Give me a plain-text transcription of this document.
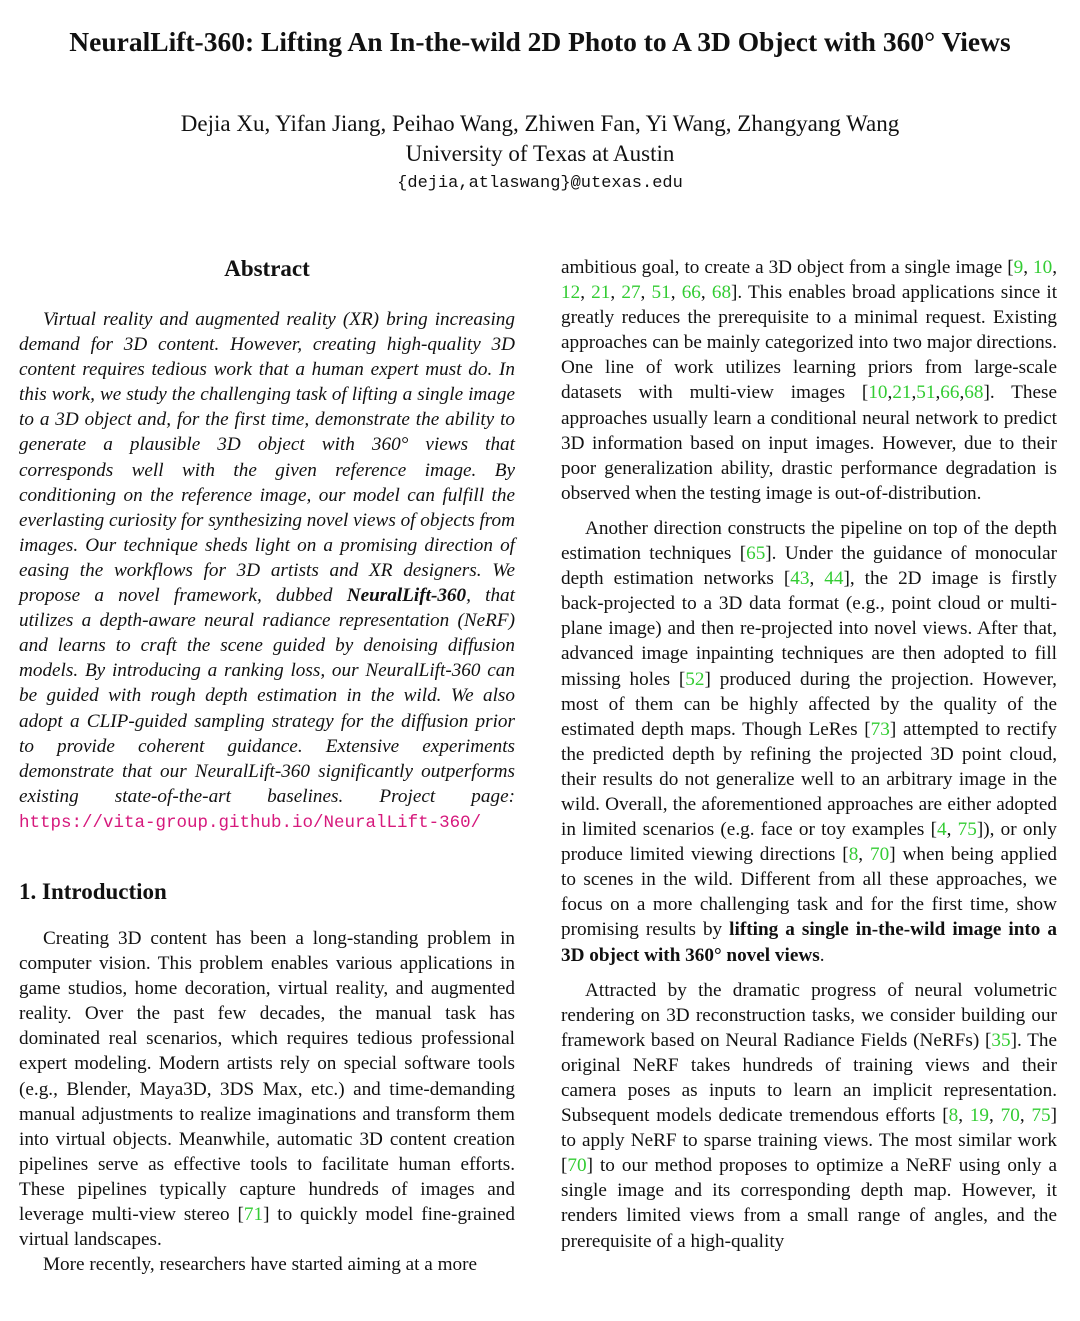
NeuralLift-360: Lifting An In-the-wild 2D Photo to A 3D Object with 360° Views
Dejia Xu, Yifan Jiang, Peihao Wang, Zhiwen Fan, Yi Wang, Zhangyang Wang
University of Texas at Austin
{dejia,atlaswang}@utexas.edu
Abstract

Virtual reality and augmented reality (XR) bring increasing demand for 3D content. However, creating high-quality 3D content requires tedious work that a human expert must do. In this work, we study the challenging task of lifting a single image to a 3D object and, for the first time, demonstrate the ability to generate a plausible 3D object with 360° views that corresponds well with the given reference image. By conditioning on the reference image, our model can fulfill the everlasting curiosity for synthesizing novel views of objects from images. Our technique sheds light on a promising direction of easing the workflows for 3D artists and XR designers. We propose a novel framework, dubbed NeuralLift-360, that utilizes a depth-aware neural radiance representation (NeRF) and learns to craft the scene guided by denoising diffusion models. By introducing a ranking loss, our NeuralLift-360 can be guided with rough depth estimation in the wild. We also adopt a CLIP-guided sampling strategy for the diffusion prior to provide coherent guidance. Extensive experiments demonstrate that our NeuralLift-360 significantly outperforms existing state-of-the-art baselines. Project page: https://vita-group.github.io/NeuralLift-360/

1. Introduction

Creating 3D content has been a long-standing problem in computer vision. This problem enables various applications in game studios, home decoration, virtual reality, and augmented reality. Over the past few decades, the manual task has dominated real scenarios, which requires tedious professional expert modeling. Modern artists rely on special software tools (e.g., Blender, Maya3D, 3DS Max, etc.) and time-demanding manual adjustments to realize imaginations and transform them into virtual objects. Meanwhile, automatic 3D content creation pipelines serve as effective tools to facilitate human efforts. These pipelines typically capture hundreds of images and leverage multi-view stereo [71] to quickly model fine-grained virtual landscapes.

More recently, researchers have started aiming at a more

ambitious goal, to create a 3D object from a single image [9, 10, 12, 21, 27, 51, 66, 68]. This enables broad applications since it greatly reduces the prerequisite to a minimal request. Existing approaches can be mainly categorized into two major directions. One line of work utilizes learning priors from large-scale datasets with multi-view images [10,21,51,66,68]. These approaches usually learn a conditional neural network to predict 3D information based on input images. However, due to their poor generalization ability, drastic performance degradation is observed when the testing image is out-of-distribution.

Another direction constructs the pipeline on top of the depth estimation techniques [65]. Under the guidance of monocular depth estimation networks [43, 44], the 2D image is firstly back-projected to a 3D data format (e.g., point cloud or multi-plane image) and then re-projected into novel views. After that, advanced image inpainting techniques are then adopted to fill missing holes [52] produced during the projection. However, most of them can be highly affected by the quality of the estimated depth maps. Though LeRes [73] attempted to rectify the predicted depth by refining the projected 3D point cloud, their results do not generalize well to an arbitrary image in the wild. Overall, the aforementioned approaches are either adopted in limited scenarios (e.g. face or toy examples [4, 75]), or only produce limited viewing directions [8, 70] when being applied to scenes in the wild. Different from all these approaches, we focus on a more challenging task and for the first time, show promising results by lifting a single in-the-wild image into a 3D object with 360° novel views.

Attracted by the dramatic progress of neural volumetric rendering on 3D reconstruction tasks, we consider building our framework based on Neural Radiance Fields (NeRFs) [35]. The original NeRF takes hundreds of training views and their camera poses as inputs to learn an implicit representation. Subsequent models dedicate tremendous efforts [8, 19, 70, 75] to apply NeRF to sparse training views. The most similar work [70] to our method proposes to optimize a NeRF using only a single image and its corresponding depth map. However, it renders limited views from a small range of angles, and the prerequisite of a high-quality
